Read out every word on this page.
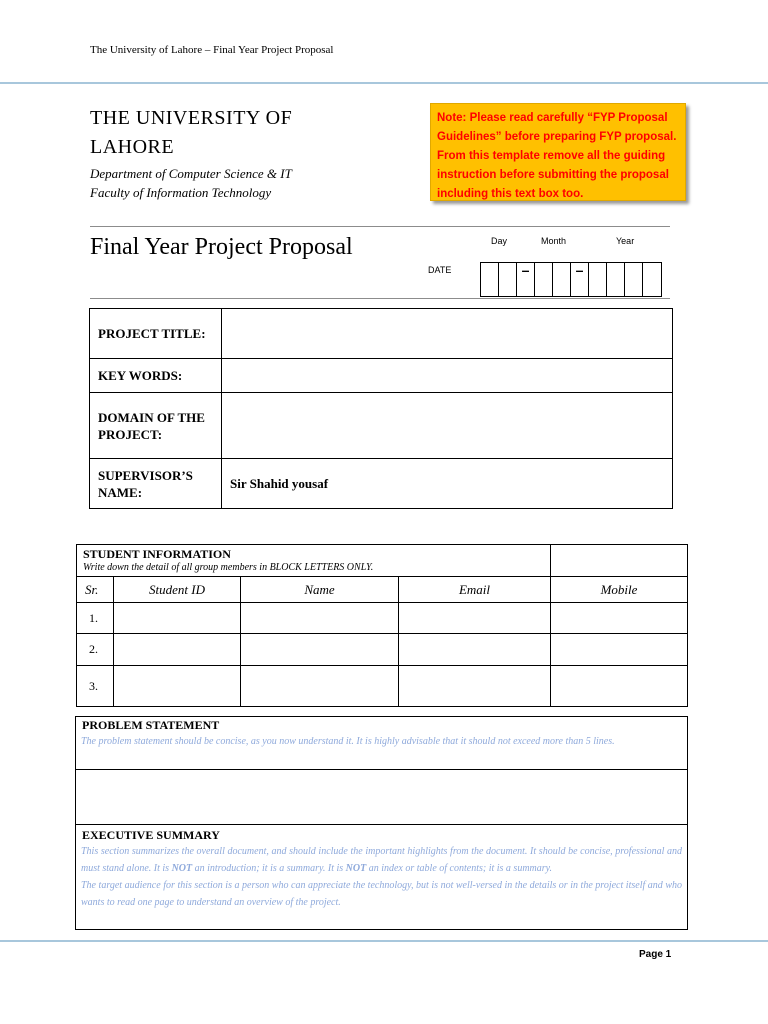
The University of Lahore – Final Year Project Proposal
THE UNIVERSITY OF
LAHORE
Department of Computer Science & IT
Faculty of Information Technology
Note: Please read carefully “FYP Proposal Guidelines” before preparing FYP proposal. From this template remove all the guiding instruction before submitting the proposal including this text box too.
Final Year Project Proposal	Day	Month	Year
DATE	–	–
PROJECT TITLE:	
KEY WORDS:	
DOMAIN OF THE PROJECT:	
SUPERVISOR’S NAME:	Sir Shahid yousaf
STUDENT INFORMATION
Write down the detail of all group members in BLOCK LETTERS ONLY.				

Sr.	Student ID	Name	Email	Mobile
1.				
2.				
3.				
PROBLEM STATEMENT
The problem statement should be concise, as you now understand it. It is highly advisable that it should not exceed more than 5 lines.
EXECUTIVE SUMMARY
This section summarizes the overall document, and should include the important highlights from the document. It should be concise, professional and must stand alone. It is NOT an introduction; it is a summary. It is NOT an index or table of contents; it is a summary.
The target audience for this section is a person who can appreciate the technology, but is not well-versed in the details or in the project itself and who wants to read one page to understand an overview of the project.
Page 1
